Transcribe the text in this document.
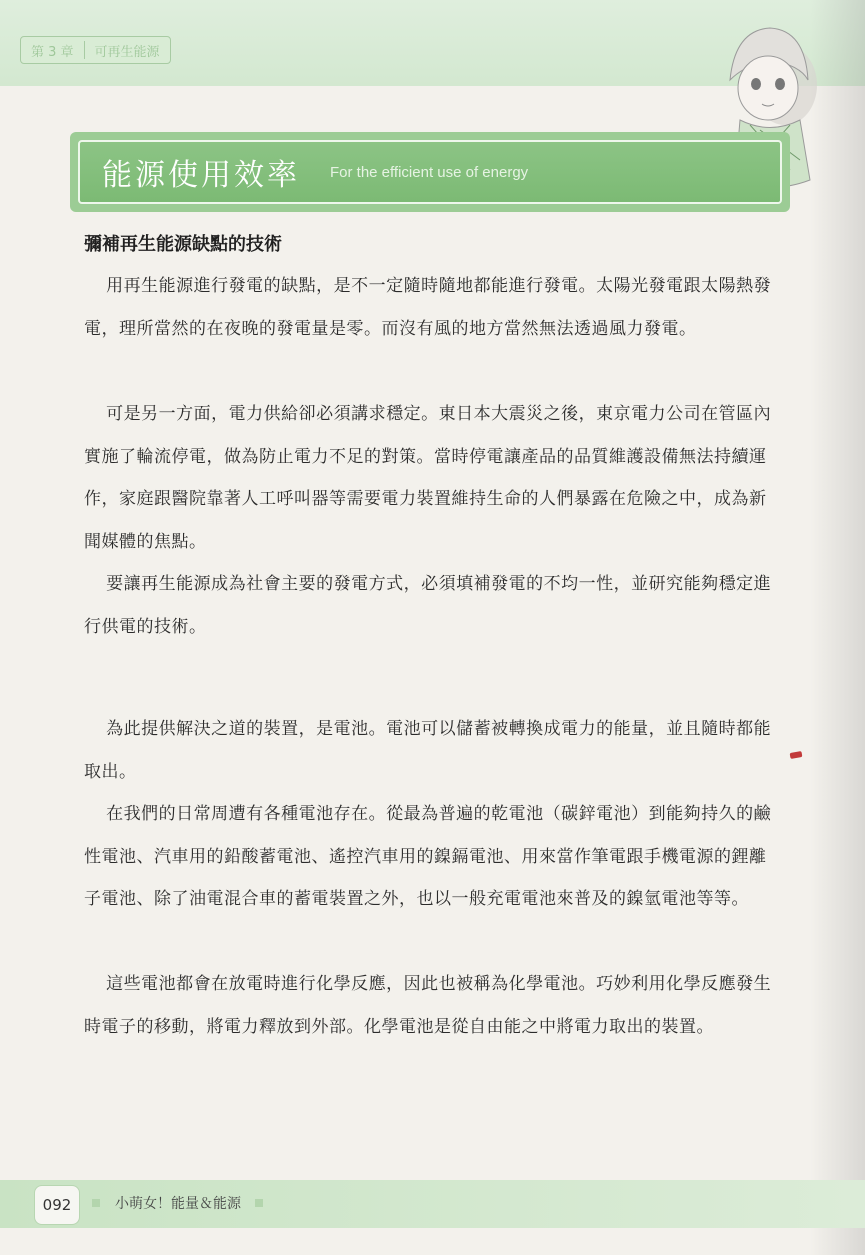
第 3 章	可再生能源
能源使用效率 For the efficient use of energy
彌補再生能源缺點的技術

用再生能源進行發電的缺點，是不一定隨時隨地都能進行發電。太陽光發電跟太陽熱發電，理所當然的在夜晚的發電量是零。而沒有風的地方當然無法透過風力發電。

可是另一方面，電力供給卻必須講求穩定。東日本大震災之後，東京電力公司在管區內實施了輪流停電，做為防止電力不足的對策。當時停電讓產品的品質維護設備無法持續運作，家庭跟醫院靠著人工呼叫器等需要電力裝置維持生命的人們暴露在危險之中，成為新聞媒體的焦點。

要讓再生能源成為社會主要的發電方式，必須填補發電的不均一性，並研究能夠穩定進行供電的技術。

為此提供解決之道的裝置，是電池。電池可以儲蓄被轉換成電力的能量，並且隨時都能取出。

在我們的日常周遭有各種電池存在。從最為普遍的乾電池（碳鋅電池）到能夠持久的鹼性電池、汽車用的鉛酸蓄電池、遙控汽車用的鎳鎘電池、用來當作筆電跟手機電源的鋰離子電池、除了油電混合車的蓄電裝置之外，也以一般充電電池來普及的鎳氫電池等等。

這些電池都會在放電時進行化學反應，因此也被稱為化學電池。巧妙利用化學反應發生時電子的移動，將電力釋放到外部。化學電池是從自由能之中將電力取出的裝置。

092	小萌女！能量＆能源
